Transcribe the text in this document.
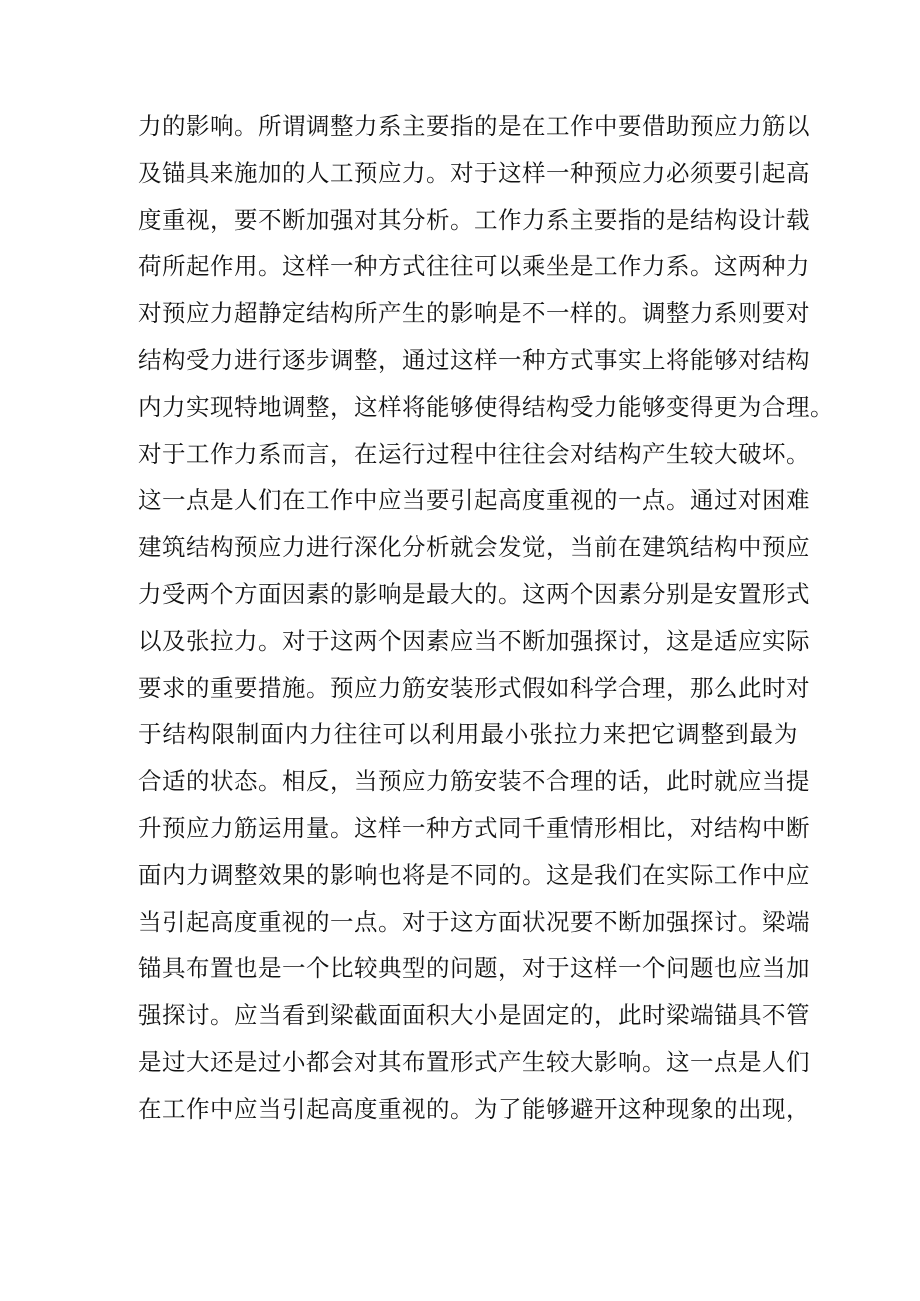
力的影响。所谓调整力系主要指的是在工作中要借助预应力筋以
及锚具来施加的人工预应力。对于这样一种预应力必须要引起高
度重视，要不断加强对其分析。工作力系主要指的是结构设计载
荷所起作用。这样一种方式往往可以乘坐是工作力系。这两种力
对预应力超静定结构所产生的影响是不一样的。调整力系则要对
结构受力进行逐步调整，通过这样一种方式事实上将能够对结构
内力实现特地调整，这样将能够使得结构受力能够变得更为合理。
对于工作力系而言，在运行过程中往往会对结构产生较大破坏。
这一点是人们在工作中应当要引起高度重视的一点。通过对困难
建筑结构预应力进行深化分析就会发觉，当前在建筑结构中预应
力受两个方面因素的影响是最大的。这两个因素分别是安置形式
以及张拉力。对于这两个因素应当不断加强探讨，这是适应实际
要求的重要措施。预应力筋安装形式假如科学合理，那么此时对
于结构限制面内力往往可以利用最小张拉力来把它调整到最为
合适的状态。相反，当预应力筋安装不合理的话，此时就应当提
升预应力筋运用量。这样一种方式同千重情形相比，对结构中断
面内力调整效果的影响也将是不同的。这是我们在实际工作中应
当引起高度重视的一点。对于这方面状况要不断加强探讨。梁端
锚具布置也是一个比较典型的问题，对于这样一个问题也应当加
强探讨。应当看到梁截面面积大小是固定的，此时梁端锚具不管
是过大还是过小都会对其布置形式产生较大影响。这一点是人们
在工作中应当引起高度重视的。为了能够避开这种现象的出现，
